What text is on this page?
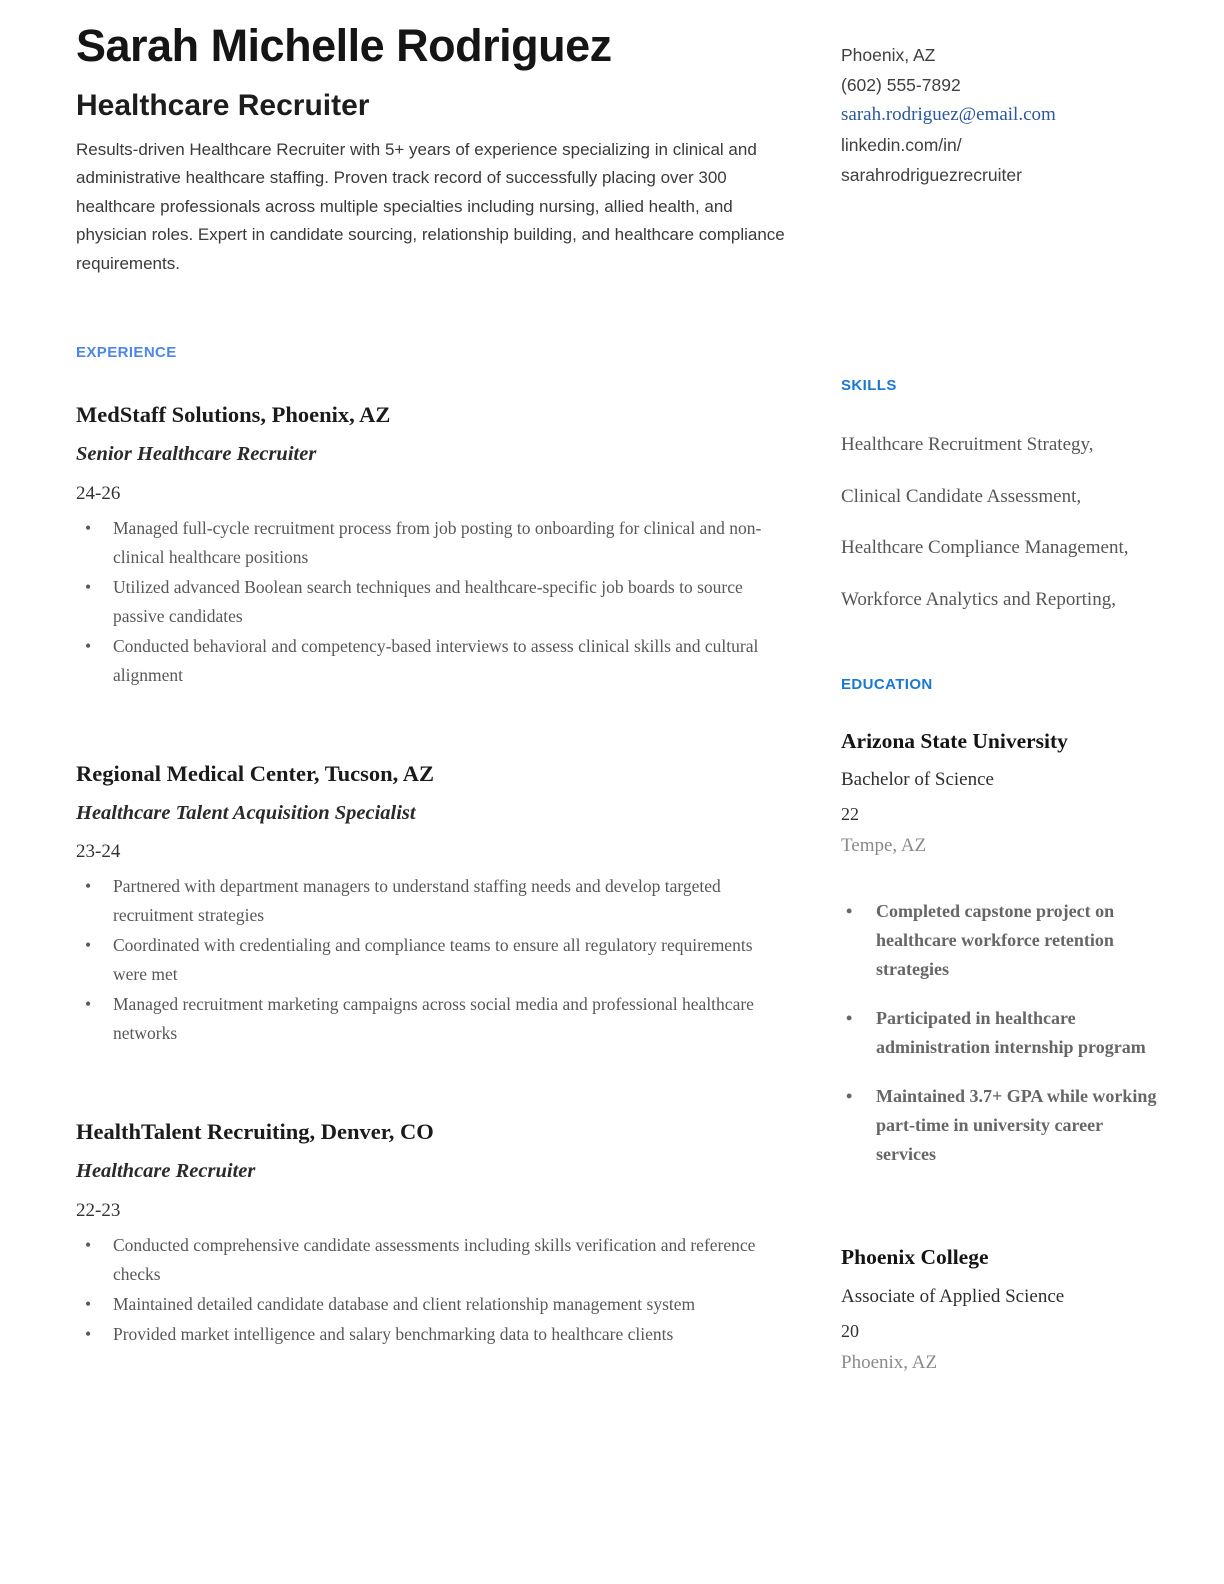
Sarah Michelle Rodriguez
Healthcare Recruiter

Results-driven Healthcare Recruiter with 5+ years of experience specializing in clinical and administrative healthcare staffing. Proven track record of successfully placing over 300 healthcare professionals across multiple specialties including nursing, allied health, and physician roles. Expert in candidate sourcing, relationship building, and healthcare compliance requirements.

EXPERIENCE
MedStaff Solutions, Phoenix, AZ
Senior Healthcare Recruiter
24-26
• Managed full-cycle recruitment process from job posting to onboarding for clinical and non-clinical healthcare positions
• Utilized advanced Boolean search techniques and healthcare-specific job boards to source passive candidates
• Conducted behavioral and competency-based interviews to assess clinical skills and cultural alignment
Regional Medical Center, Tucson, AZ
Healthcare Talent Acquisition Specialist
23-24
• Partnered with department managers to understand staffing needs and develop targeted recruitment strategies
• Coordinated with credentialing and compliance teams to ensure all regulatory requirements were met
• Managed recruitment marketing campaigns across social media and professional healthcare networks
HealthTalent Recruiting, Denver, CO
Healthcare Recruiter
22-23
• Conducted comprehensive candidate assessments including skills verification and reference checks
• Maintained detailed candidate database and client relationship management system
• Provided market intelligence and salary benchmarking data to healthcare clients
Phoenix, AZ
(602) 555-7892
sarah.rodriguez@email.com
linkedin.com/in/
sarahrodriguezrecruiter
SKILLS
Healthcare Recruitment Strategy,
Clinical Candidate Assessment,
Healthcare Compliance Management,
Workforce Analytics and Reporting,
EDUCATION
Arizona State University
Bachelor of Science
22
Tempe, AZ
• Completed capstone project on healthcare workforce retention strategies
• Participated in healthcare administration internship program
• Maintained 3.7+ GPA while working part-time in university career services
Phoenix College
Associate of Applied Science
20
Phoenix, AZ
